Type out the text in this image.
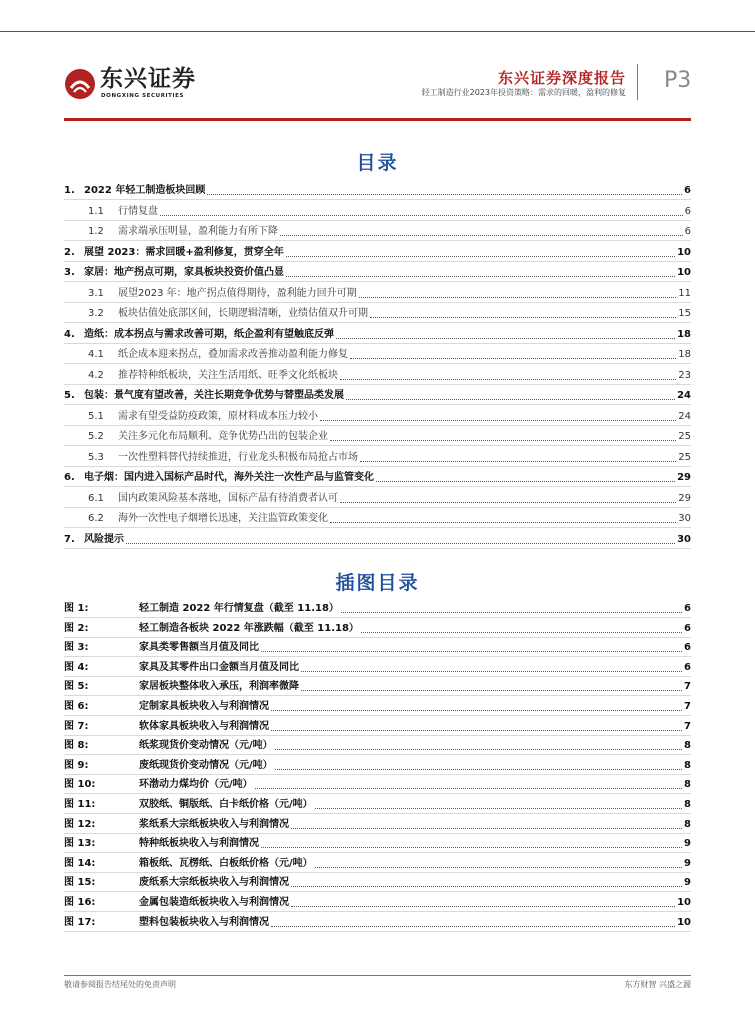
东兴证券
DONGXING SECURITIES
东兴证券深度报告
轻工制造行业2023年投资策略：需求的回暖，盈利的修复 P3
目录
1. 2022 年轻工制造板块回顾	6
1.1	行情复盘	6
1.2	需求端承压明显，盈利能力有所下降	6
2. 展望 2023：需求回暖+盈利修复，贯穿全年	10
3. 家居：地产拐点可期，家具板块投资价值凸显	10
3.1	展望2023 年：地产拐点值得期待，盈利能力回升可期	11
3.2	板块估值处底部区间，长期逻辑清晰，业绩估值双升可期	15
4. 造纸：成本拐点与需求改善可期，纸企盈利有望触底反弹	18
4.1	纸企成本迎来拐点，叠加需求改善推动盈利能力修复	18
4.2	推荐特种纸板块，关注生活用纸、旺季文化纸板块	23
5. 包装：景气度有望改善，关注长期竞争优势与替塑品类发展	24
5.1	需求有望受益防疫政策，原材料成本压力较小	24
5.2	关注多元化布局顺利、竞争优势凸出的包装企业	25
5.3	一次性塑料替代持续推进，行业龙头积极布局抢占市场	25
6. 电子烟：国内进入国标产品时代，海外关注一次性产品与监管变化	29
6.1	国内政策风险基本落地，国标产品有待消费者认可	29
6.2	海外一次性电子烟增长迅速，关注监管政策变化	30
7. 风险提示	30
插图目录
图 1:	轻工制造 2022 年行情复盘（截至 11.18）	6
图 2:	轻工制造各板块 2022 年涨跌幅（截至 11.18）	6
图 3:	家具类零售额当月值及同比	6
图 4:	家具及其零件出口金额当月值及同比	6
图 5:	家居板块整体收入承压，利润率微降	7
图 6:	定制家具板块收入与利润情况	7
图 7:	软体家具板块收入与利润情况	7
图 8:	纸浆现货价变动情况（元/吨）	8
图 9:	废纸现货价变动情况（元/吨）	8
图 10:	环渤动力煤均价（元/吨）	8
图 11:	双胶纸、铜版纸、白卡纸价格（元/吨）	8
图 12:	浆纸系大宗纸板块收入与利润情况	8
图 13:	特种纸板块收入与利润情况	9
图 14:	箱板纸、瓦楞纸、白板纸价格（元/吨）	9
图 15:	废纸系大宗纸板块收入与利润情况	9
图 16:	金属包装造纸板块收入与利润情况	10
图 17:	塑料包装板块收入与利润情况	10
敬请参阅报告结尾处的免责声明	东方财智 兴盛之源
